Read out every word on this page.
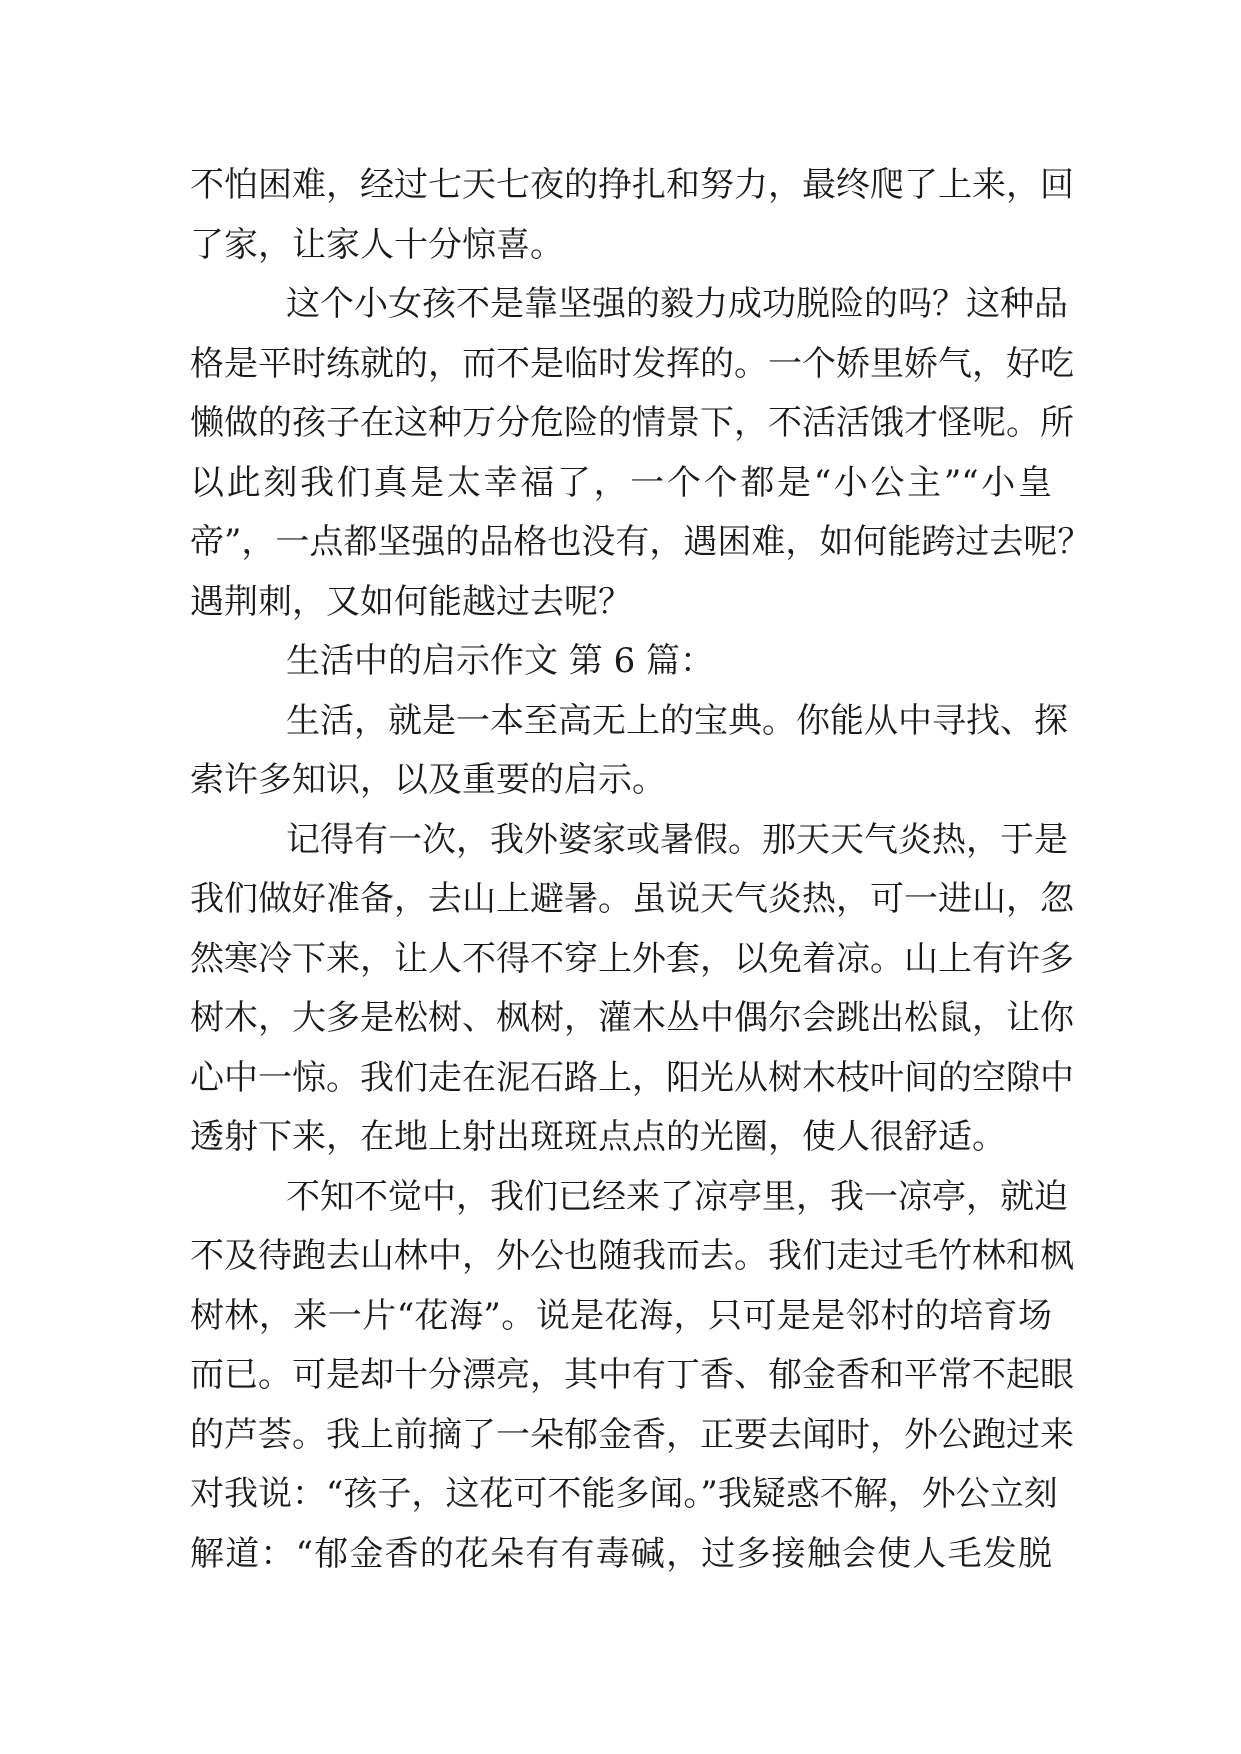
不怕困难，经过七天七夜的挣扎和努力，最终爬了上来，回
了家，让家人十分惊喜。
这个小女孩不是靠坚强的毅力成功脱险的吗？这种品
格是平时练就的，而不是临时发挥的。一个娇里娇气，好吃
懒做的孩子在这种万分危险的情景下，不活活饿才怪呢。所
以此刻我们真是太幸福了，一个个都是“小公主”“小皇
帝”，一点都坚强的品格也没有，遇困难，如何能跨过去呢？
遇荆刺，又如何能越过去呢？
生活中的启示作文 第 6 篇：
生活，就是一本至高无上的宝典。你能从中寻找、探
索许多知识，以及重要的启示。
记得有一次，我外婆家或暑假。那天天气炎热，于是
我们做好准备，去山上避暑。虽说天气炎热，可一进山，忽
然寒冷下来，让人不得不穿上外套，以免着凉。山上有许多
树木，大多是松树、枫树，灌木丛中偶尔会跳出松鼠，让你
心中一惊。我们走在泥石路上，阳光从树木枝叶间的空隙中
透射下来，在地上射出斑斑点点的光圈，使人很舒适。
不知不觉中，我们已经来了凉亭里，我一凉亭，就迫
不及待跑去山林中，外公也随我而去。我们走过毛竹林和枫
树林，来一片“花海”。说是花海，只可是是邻村的培育场
而已。可是却十分漂亮，其中有丁香、郁金香和平常不起眼
的芦荟。我上前摘了一朵郁金香，正要去闻时，外公跑过来
对我说：“孩子，这花可不能多闻。”我疑惑不解，外公立刻
解道：“郁金香的花朵有有毒碱，过多接触会使人毛发脱
